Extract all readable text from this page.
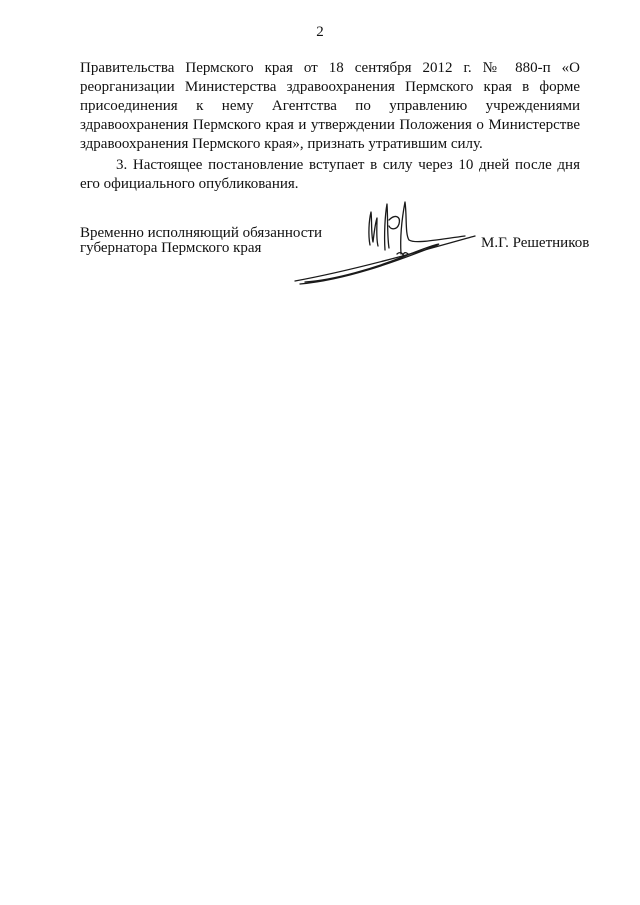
2

Правительства Пермского края от 18 сентября 2012 г. № 880-п «О реорганизации Министерства здравоохранения Пермского края в форме присоединения к нему Агентства по управлению учреждениями здравоохранения Пермского края и утверждении Положения о Министерстве здравоохранения Пермского края», признать утратившим силу.

3. Настоящее постановление вступает в силу через 10 дней после дня его официального опубликования.

Временно исполняющий обязанности
губернатора Пермского края	М.Г. Решетников
